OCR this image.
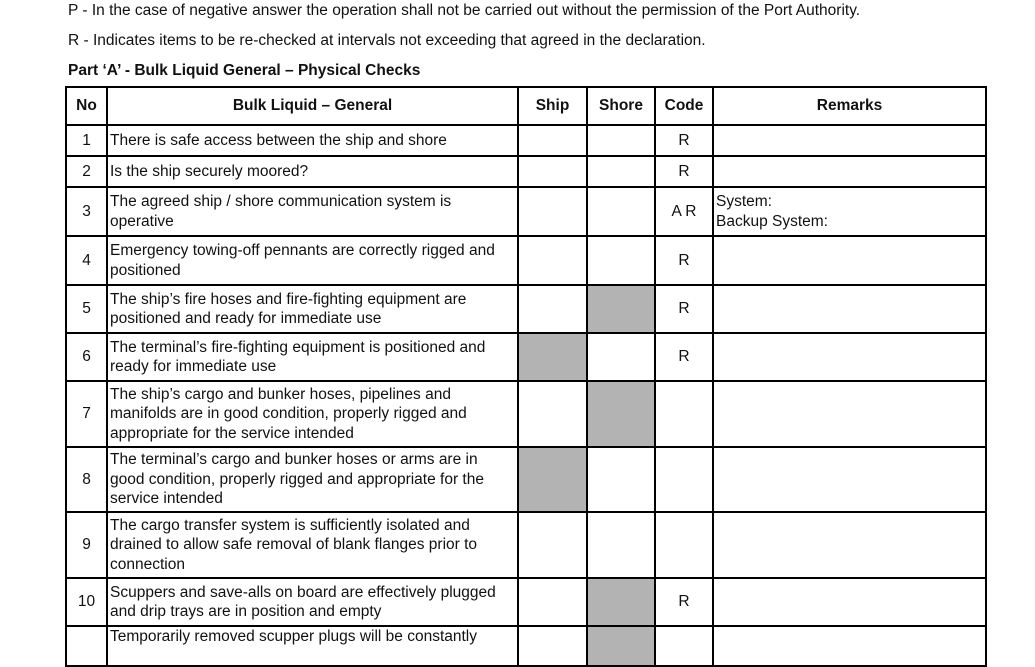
P - In the case of negative answer the operation shall not be carried out without the permission of the Port Authority.
R - Indicates items to be re-checked at intervals not exceeding that agreed in the declaration.
Part ‘A’ - Bulk Liquid General – Physical Checks
No	Bulk Liquid – General	Ship	Shore	Code	Remarks
1	There is safe access between the ship and shore			R	
2	Is the ship securely moored?			R	
3	The agreed ship / shore communication system is
operative			A R	System:
Backup System:

4	Emergency towing-off pennants are correctly rigged and
positioned			R	
5	The ship’s fire hoses and fire-fighting equipment are
positioned and ready for immediate use			R	
6	The terminal’s fire-fighting equipment is positioned and
ready for immediate use			R	
7	The ship’s cargo and bunker hoses, pipelines and
manifolds are in good condition, properly rigged and
appropriate for the service intended				

8	The terminal’s cargo and bunker hoses or arms are in
good condition, properly rigged and appropriate for the
service intended				

9	The cargo transfer system is sufficiently isolated and
drained to allow safe removal of blank flanges prior to
connection				

10	Scuppers and save-alls on board are effectively plugged
and drip trays are in position and empty			R	

	Temporarily removed scupper plugs will be constantly				
